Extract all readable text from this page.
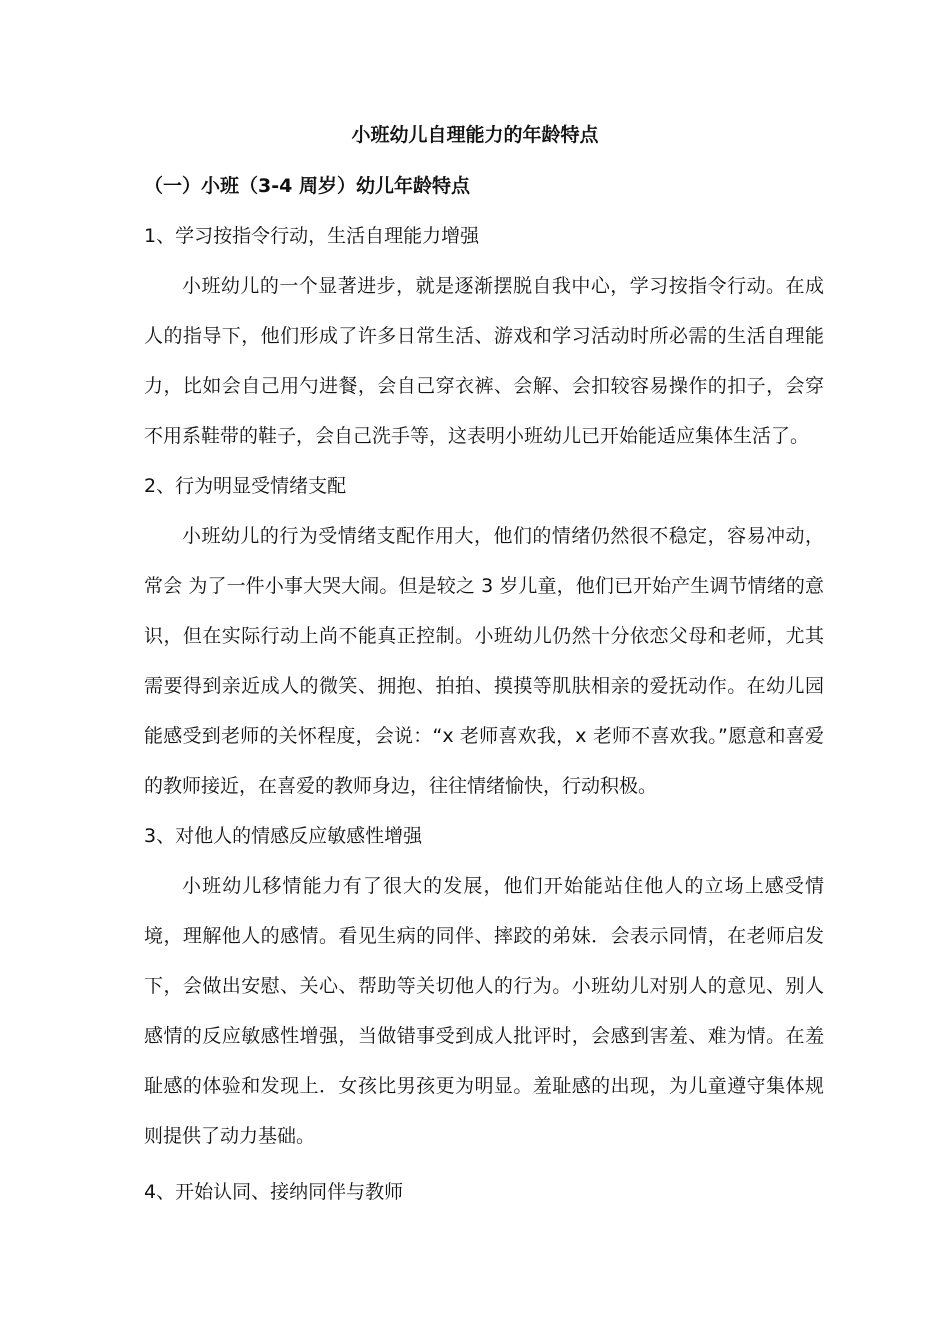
小班幼儿自理能力的年龄特点
（一）小班（3-4 周岁）幼儿年龄特点

1、学习按指令行动，生活自理能力增强

小班幼儿的一个显著进步，就是逐渐摆脱自我中心，学习按指令行动。在成人的指导下，他们形成了许多日常生活、游戏和学习活动时所必需的生活自理能力，比如会自己用勺进餐，会自己穿衣裤、会解、会扣较容易操作的扣子，会穿不用系鞋带的鞋子，会自己洗手等，这表明小班幼儿已开始能适应集体生活了。

2、行为明显受情绪支配

小班幼儿的行为受情绪支配作用大，他们的情绪仍然很不稳定，容易冲动，常会 为了一件小事大哭大闹。但是较之 3 岁儿童，他们已开始产生调节情绪的意识，但在实际行动上尚不能真正控制。小班幼儿仍然十分依恋父母和老师，尤其需要得到亲近成人的微笑、拥抱、拍拍、摸摸等肌肤相亲的爱抚动作。在幼儿园能感受到老师的关怀程度，会说：“x 老师喜欢我，x 老师不喜欢我。”愿意和喜爱的教师接近，在喜爱的教师身边，往往情绪愉快，行动积极。

3、对他人的情感反应敏感性增强

小班幼儿移情能力有了很大的发展，他们开始能站住他人的立场上感受情境，理解他人的感情。看见生病的同伴、摔跤的弟妹．会表示同情，在老师启发下，会做出安慰、关心、帮助等关切他人的行为。小班幼儿对别人的意见、别人感情的反应敏感性增强，当做错事受到成人批评时，会感到害羞、难为情。在羞耻感的体验和发现上．女孩比男孩更为明显。羞耻感的出现，为儿童遵守集体规则提供了动力基础。

4、开始认同、接纳同伴与教师
